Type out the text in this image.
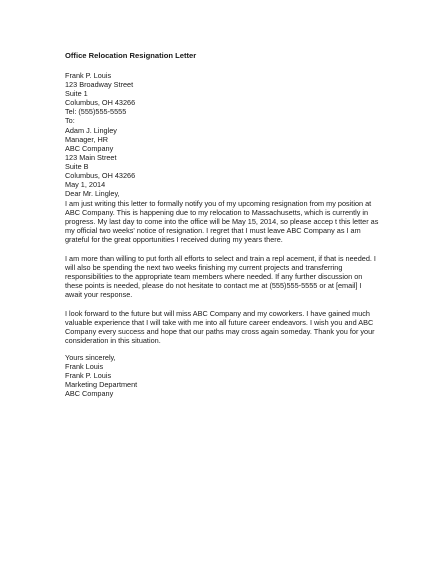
Office Relocation Resignation Letter
Frank P. Louis
123 Broadway Street
Suite 1
Columbus, OH 43266
Tel: (555)555-5555
To:
Adam J. Lingley
Manager, HR
ABC Company
123 Main Street
Suite B
Columbus, OH 43266
May 1, 2014
Dear Mr. Lingley,
I am just writing this letter to formally notify you of my upcoming resignation from my position at
ABC Company. This is happening due to my relocation to Massachusetts, which is currently in
progress. My last day to come into the office will be May 15, 2014, so please accep t this letter as
my official two weeks' notice of resignation. I regret that I must leave ABC Company as I am
grateful for the great opportunities I received during my years there.
I am more than willing to put forth all efforts to select and train a repl acement, if that is needed. I
will also be spending the next two weeks finishing my current projects and transferring
responsibilities to the appropriate team members where needed. If any further discussion on
these points is needed, please do not hesitate to contact me at (555)555-5555 or at [email] I
await your response.
I look forward to the future but will miss ABC Company and my coworkers. I have gained much
valuable experience that I will take with me into all future career endeavors. I wish you and ABC
Company every success and hope that our paths may cross again someday. Thank you for your
consideration in this situation.
Yours sincerely,
Frank Louis
Frank P. Louis
Marketing Department
ABC Company
